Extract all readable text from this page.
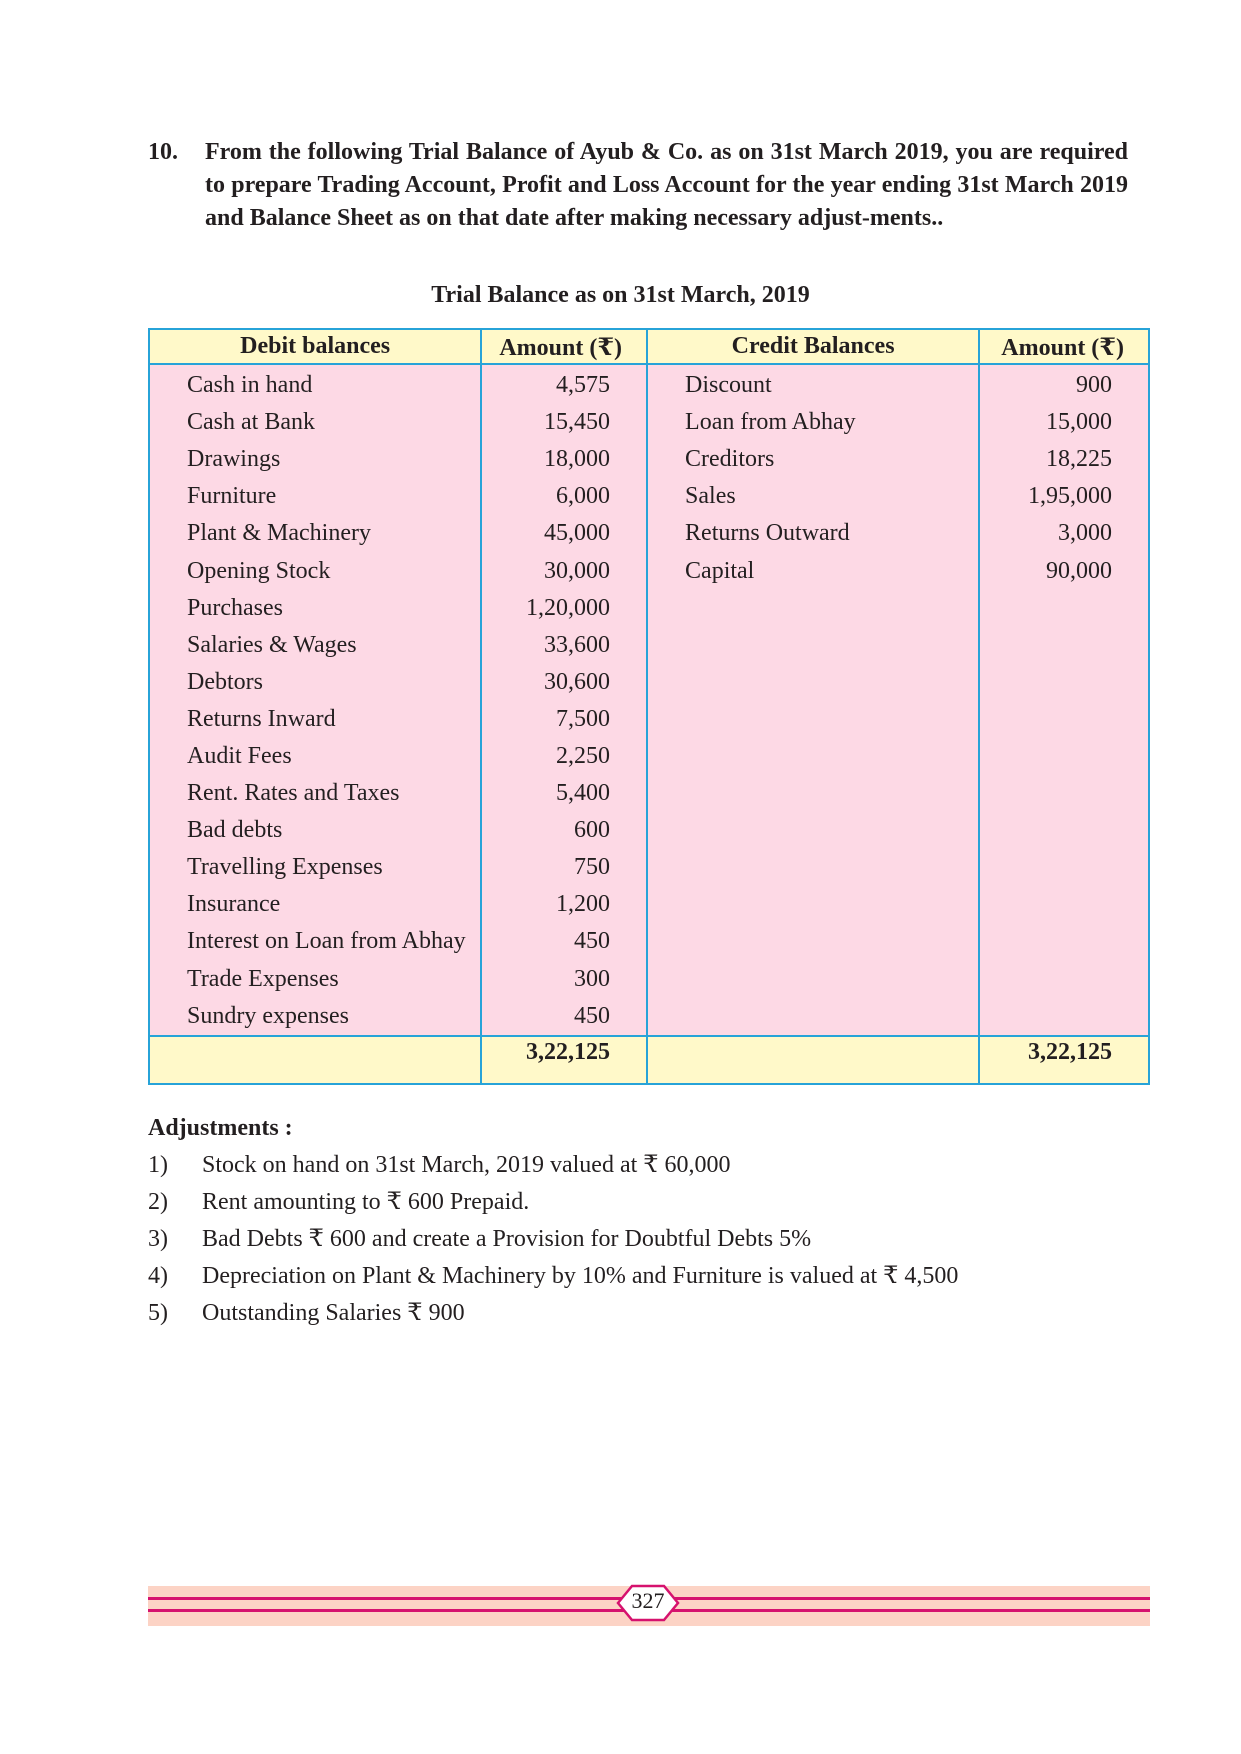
10. From the following Trial Balance of Ayub & Co. as on 31st March 2019, you are required to prepare Trading Account, Profit and Loss Account for the year ending 31st March 2019 and Balance Sheet as on that date after making necessary adjust-ments..
Trial Balance as on 31st March, 2019
Debit balances	Amount (₹)	Credit Balances	Amount (₹)
Cash in hand	4,575	Discount	900
Cash at Bank	15,450	Loan from Abhay	15,000
Drawings	18,000	Creditors	18,225
Furniture	6,000	Sales	1,95,000
Plant & Machinery	45,000	Returns Outward	3,000
Opening Stock	30,000	Capital	90,000
Purchases	1,20,000		
Salaries & Wages	33,600		
Debtors	30,600		
Returns Inward	7,500		
Audit Fees	2,250		
Rent. Rates and Taxes	5,400		
Bad debts	600		
Travelling Expenses	750		
Insurance	1,200		
Interest on Loan from Abhay	450		
Trade Expenses	300		
Sundry expenses	450		
	3,22,125		3,22,125
Adjustments :
1) Stock on hand on 31st March, 2019 valued at ₹ 60,000
2) Rent amounting to ₹ 600 Prepaid.
3) Bad Debts ₹ 600 and create a Provision for Doubtful Debts 5%
4) Depreciation on Plant & Machinery by 10% and Furniture is valued at ₹ 4,500
5) Outstanding Salaries ₹ 900
327
